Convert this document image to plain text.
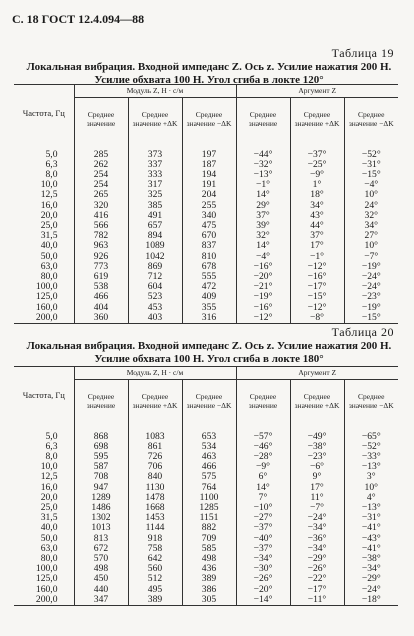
С. 18 ГОСТ 12.4.094—88
Таблица 19
Локальная вибрация. Входной импеданс Z. Ось z. Усилие нажатия 200 Н. Усилие обхвата 100 Н. Угол сгиба в локте 120°
Частота, Гц	Модуль Z, Н · с/м			Аргумент Z		
	Среднее значение	Среднее значение +ΔK	Среднее значение −ΔK	Среднее значение	Среднее значение +ΔK	Среднее значение −ΔK

5,0	285	373	197	−44°	−37°	−52°
6,3	262	337	187	−32°	−25°	−31°
8,0	254	333	194	−13°	−9°	−15°
10,0	254	317	191	−1°	1°	−4°
12,5	265	325	204	14°	18°	10°
16,0	320	385	255	29°	34°	24°
20,0	416	491	340	37°	43°	32°
25,0	566	657	475	39°	44°	34°
31,5	782	894	670	32°	37°	27°
40,0	963	1089	837	14°	17°	10°
50,0	926	1042	810	−4°	−1°	−7°
63,0	773	869	678	−16°	−12°	−19°
80,0	619	712	555	−20°	−16°	−24°
100,0	538	604	472	−21°	−17°	−24°
125,0	466	523	409	−19°	−15°	−23°
160,0	404	453	355	−16°	−12°	−19°
200,0	360	403	316	−12°	−8°	−15°
Таблица 20
Локальная вибрация. Входной импеданс Z. Ось z. Усилие нажатия 200 Н. Усилие обхвата 100 Н. Угол сгиба в локте 180°
Частота, Гц	Модуль Z, Н · с/м			Аргумент Z		
	Среднее значение	Среднее значение +ΔK	Среднее значение −ΔK	Среднее значение	Среднее значение +ΔK	Среднее значение −ΔK

5,0	868	1083	653	−57°	−49°	−65°
6,3	698	861	534	−46°	−38°	−52°
8,0	595	726	463	−28°	−23°	−33°
10,0	587	706	466	−9°	−6°	−13°
12,5	708	840	575	6°	9°	3°
16,0	947	1130	764	14°	17°	10°
20,0	1289	1478	1100	7°	11°	4°
25,0	1486	1668	1285	−10°	−7°	−13°
31,5	1302	1453	1151	−27°	−24°	−31°
40,0	1013	1144	882	−37°	−34°	−41°
50,0	813	918	709	−40°	−36°	−43°
63,0	672	758	585	−37°	−34°	−41°
80,0	570	642	498	−34°	−29°	−38°
100,0	498	560	436	−30°	−26°	−34°
125,0	450	512	389	−26°	−22°	−29°
160,0	440	495	386	−20°	−17°	−24°
200,0	347	389	305	−14°	−11°	−18°
